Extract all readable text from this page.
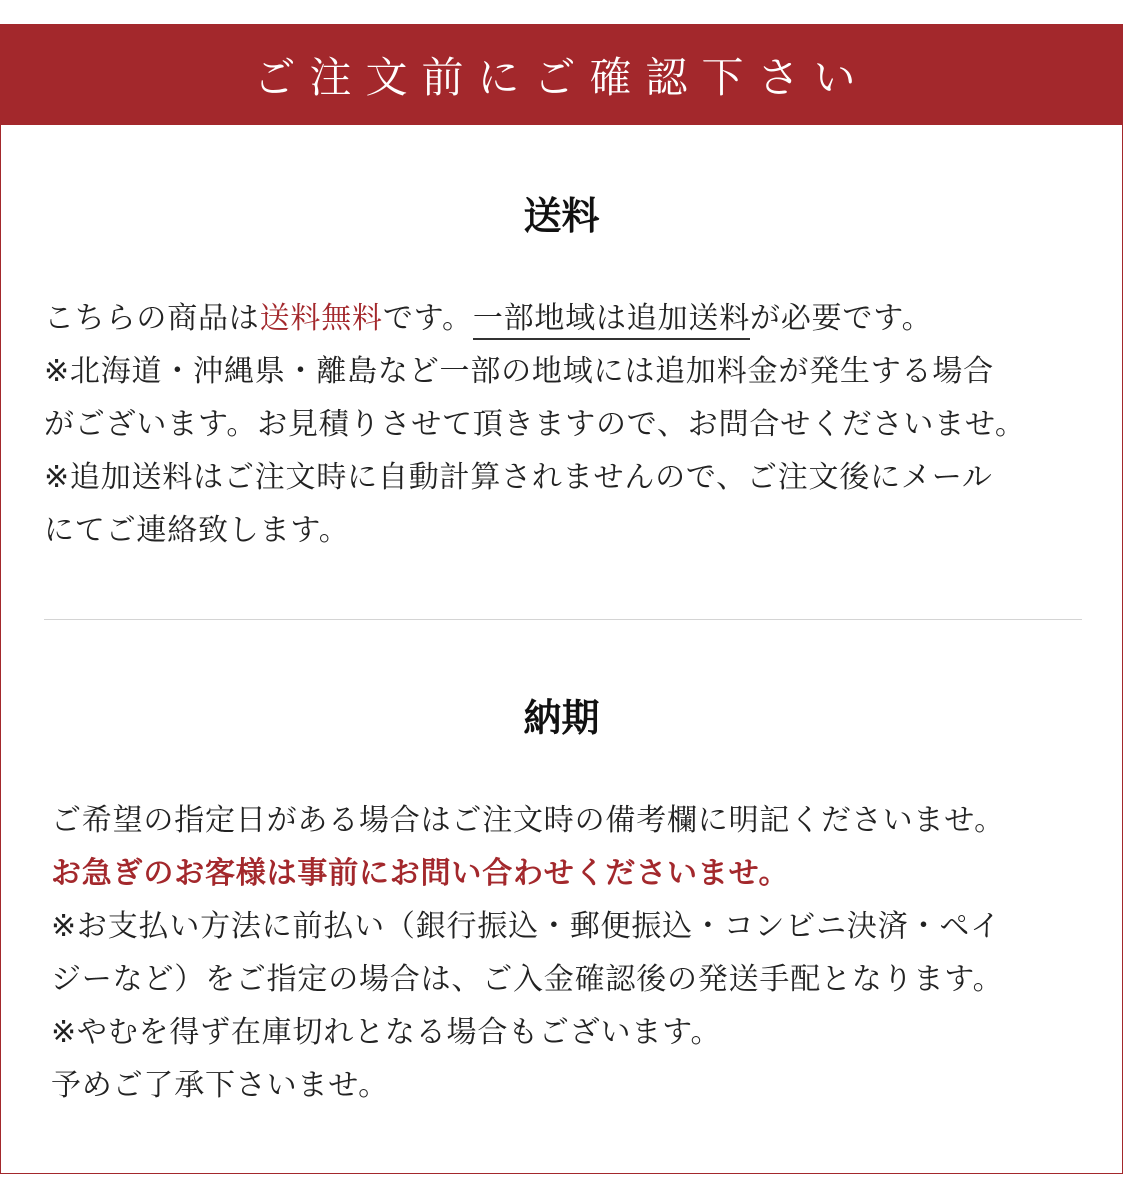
ご注文前にご確認下さい
送料
こちらの商品は送料無料です。一部地域は追加送料が必要です。
※北海道・沖縄県・離島など一部の地域には追加料金が発生する場合
がございます。お見積りさせて頂きますので、お問合せくださいませ。
※追加送料はご注文時に自動計算されませんので、ご注文後にメール
にてご連絡致します。
納期
ご希望の指定日がある場合はご注文時の備考欄に明記くださいませ。
お急ぎのお客様は事前にお問い合わせくださいませ。
※お支払い方法に前払い（銀行振込・郵便振込・コンビニ決済・ペイ
ジーなど）をご指定の場合は、ご入金確認後の発送手配となります。
※やむを得ず在庫切れとなる場合もございます。
予めご了承下さいませ。
